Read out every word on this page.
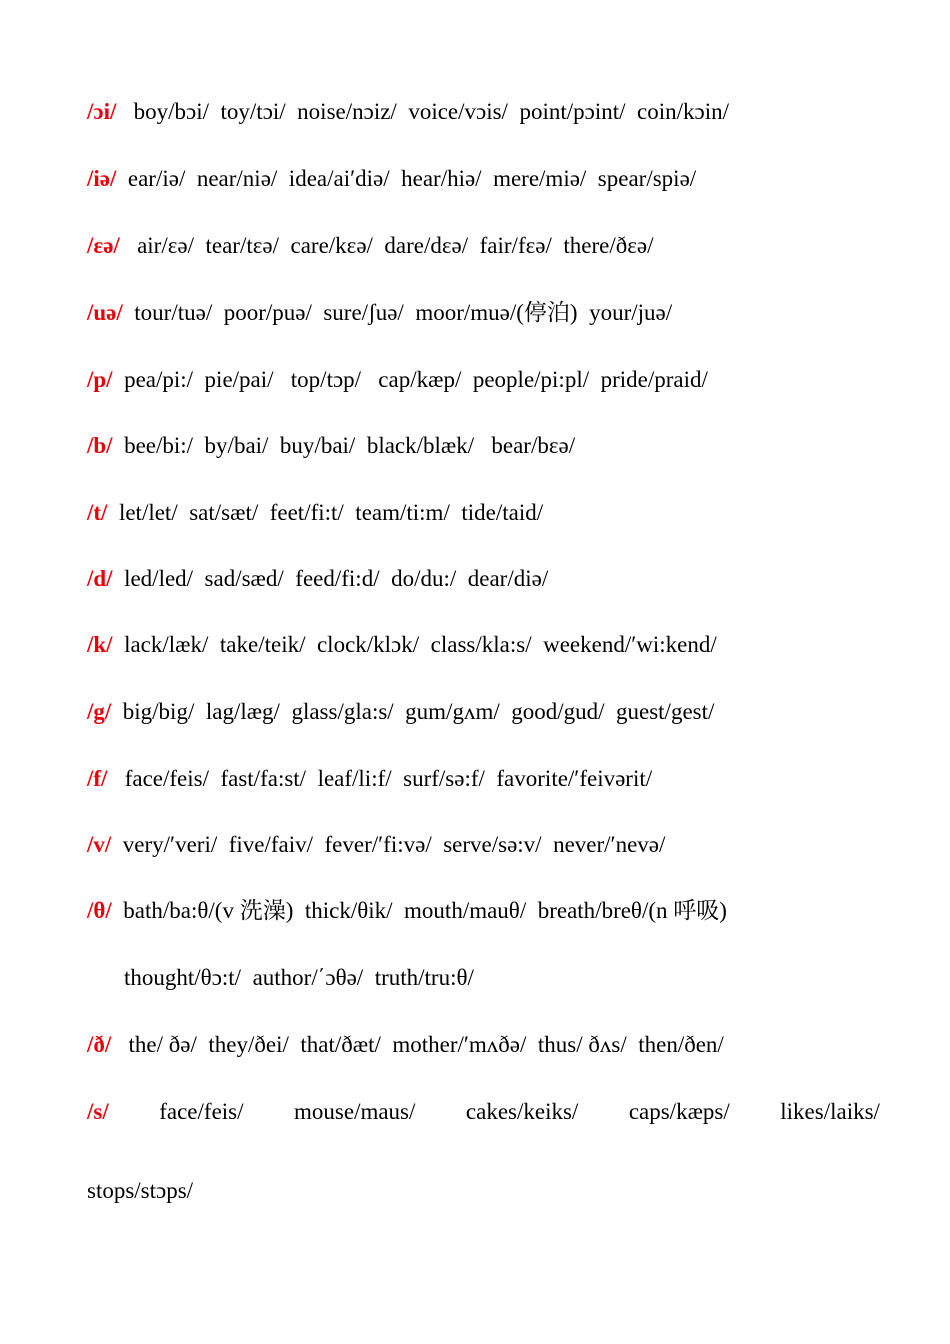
/ɔi/   boy/bɔi/  toy/tɔi/  noise/nɔiz/  voice/vɔis/  point/pɔint/  coin/kɔin/
/iə/  ear/iə/  near/niə/  idea/ai′diə/  hear/hiə/  mere/miə/  spear/spiə/
/εə/   air/εə/  tear/tεə/  care/kεə/  dare/dεə/  fair/fεə/  there/ðεə/
/uə/  tour/tuə/  poor/puə/  sure/ʃuə/  moor/muə/(停泊)  your/juə/
/p/  pea/pi:/  pie/pai/   top/tɔp/   cap/kæp/  people/pi:pl/  pride/praid/
/b/  bee/bi:/  by/bai/  buy/bai/  black/blæk/   bear/bεə/
/t/  let/let/  sat/sæt/  feet/fi:t/  team/ti:m/  tide/taid/
/d/  led/led/  sad/sæd/  feed/fi:d/  do/du:/  dear/diə/
/k/  lack/læk/  take/teik/  clock/klɔk/  class/kla:s/  weekend/′wi:kend/
/g/  big/big/  lag/læg/  glass/gla:s/  gum/gʌm/  good/gud/  guest/gest/
/f/   face/feis/  fast/fa:st/  leaf/li:f/  surf/sə:f/  favorite/′feivərit/
/v/  very/′veri/  five/faiv/  fever/′fi:və/  serve/sə:v/  never/′nevə/
/θ/  bath/ba:θ/(v 洗澡)  thick/θik/  mouth/mauθ/  breath/breθ/(n 呼吸)
thought/θɔ:t/  author/΄ɔθə/  truth/tru:θ/
/ð/   the/ ðə/  they/ðei/  that/ðæt/  mother/′mʌðə/  thus/ ðʌs/  then/ðen/
/s/ face/feis/ mouse/maus/ cakes/keiks/ caps/kæps/ likes/laiks/
stops/stɔps/
